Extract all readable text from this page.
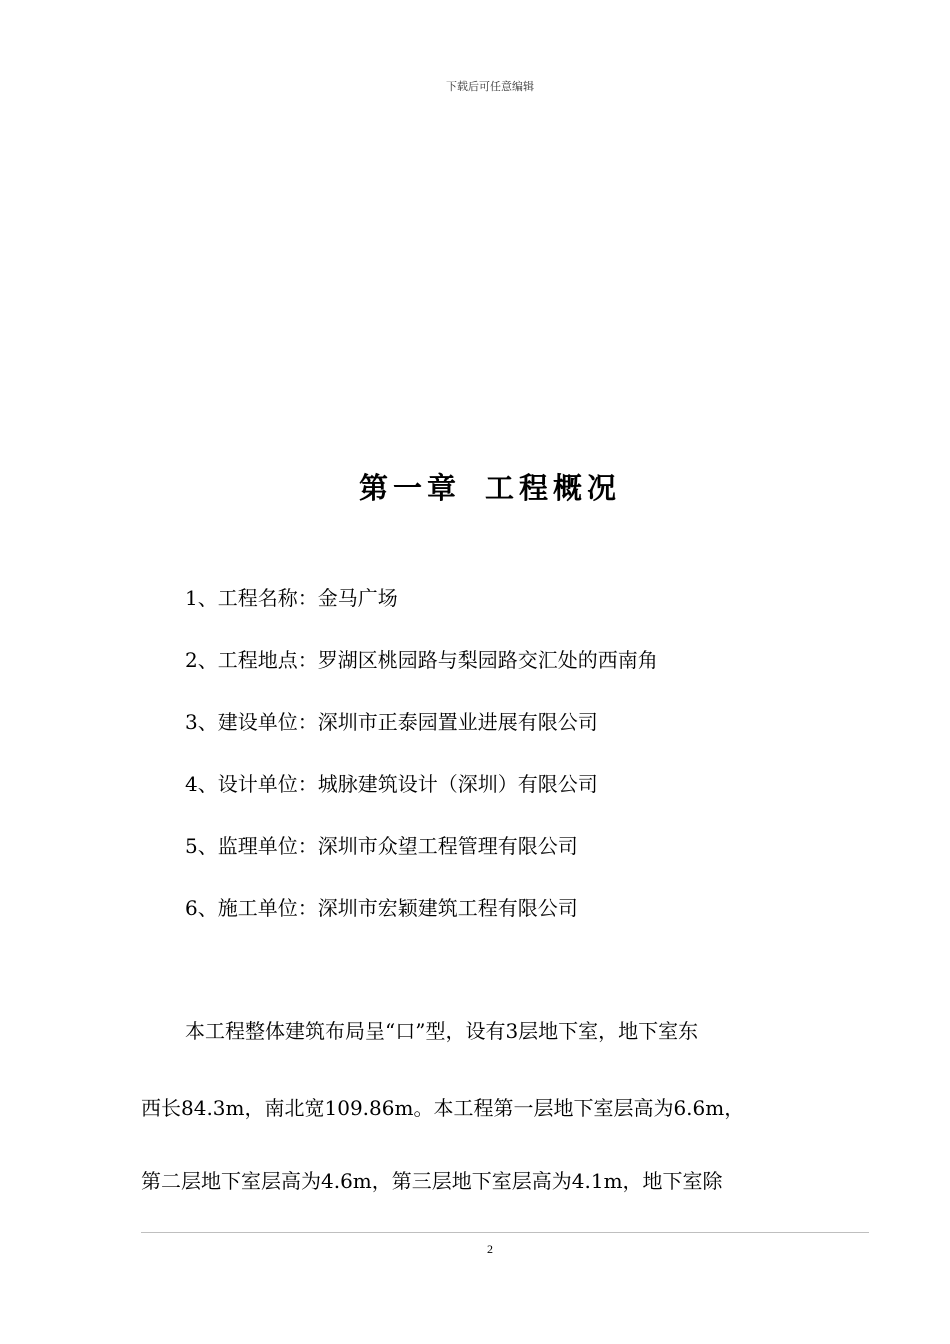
下载后可任意编辑
第一章 工程概况
1、工程名称：金马广场
2、工程地点：罗湖区桃园路与梨园路交汇处的西南角
3、建设单位：深圳市正泰园置业进展有限公司
4、设计单位：城脉建筑设计（深圳）有限公司
5、监理单位：深圳市众望工程管理有限公司
6、施工单位：深圳市宏颖建筑工程有限公司
本工程整体建筑布局呈“口”型，设有3层地下室，地下室东
西长84.3m，南北宽109.86m。本工程第一层地下室层高为6.6m，
第二层地下室层高为4.6m，第三层地下室层高为4.1m，地下室除
2
